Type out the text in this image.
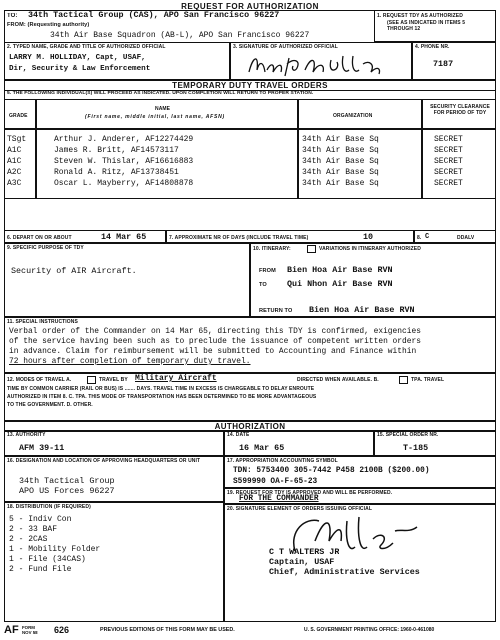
REQUEST FOR AUTHORIZATION
TO: 34th Tactical Group (CAS), APO San Francisco 96227
FROM: (Requesting authority)
34th Air Base Squadron (AB-L), APO San Francisco 96227
1. REQUEST TDY AS AUTHORIZED
(SEE AS INDICATED IN ITEMS 5 THROUGH 12
2. TYPED NAME, GRADE AND TITLE OF AUTHORIZED OFFICIAL
LARRY M. HOLLIDAY, Capt, USAF,
Dir, Security & Law Enforcement
3. SIGNATURE OF AUTHORIZED OFFICIAL	4. PHONE NR.
7187
TEMPORARY DUTY TRAVEL ORDERS
5. THE FOLLOWING INDIVIDUAL(S) WILL PROCEED AS INDICATED. UPON COMPLETION WILL RETURN TO PROPER STATION.
GRADE
NAME
(First name, middle initial, last name, AFSN)	ORGANIZATION
SECURITY CLEARANCE FOR PERIOD OF TDY
TSgt	Arthur J. Anderer, AF12274429	34th Air Base Sq	SECRET
A1C	James R. Britt, AF14573117	34th Air Base Sq	SECRET
A1C	Steven W. Thislar, AF16616883	34th Air Base Sq	SECRET
A2C	Ronald A. Ritz, AF13738451	34th Air Base Sq	SECRET
A3C	Oscar L. Mayberry, AF14808878	34th Air Base Sq	SECRET
6. DEPART ON OR ABOUT	14 Mar 65	7. APPROXIMATE NR OF DAYS (INCLUDE TRAVEL TIME)	10	8. C	DDALV
9. SPECIFIC PURPOSE OF TDY
Security of AIR Aircraft.
10. ITINERARY:	VARIATIONS IN ITINERARY AUTHORIZED
FROM Bien Hoa Air Base RVN
TO Qui Nhon Air Base RVN
RETURN TO Bien Hoa Air Base RVN
11. SPECIAL INSTRUCTIONS
Verbal order of the Commander on 14 Mar 65, directing this TDY is confirmed, exigencies
of the service having been such as to preclude the issuance of competent written orders
in advance. Claim for reimbursement will be submitted to Accounting and Finance within
72 hours after completion of temporary duty travel.
12. MODES OF TRAVEL A.	TRAVEL BY Military Aircraft	DIRECTED WHEN AVAILABLE. B.	TPA. TRAVEL
TIME BY COMMON CARRIER (RAIL OR BUS) IS ....... DAYS. TRAVEL TIME IN EXCESS IS CHARGEABLE TO DELAY ENROUTE
AUTHORIZED IN ITEM 8. C. TPA. THIS MODE OF TRANSPORTATION HAS BEEN DETERMINED TO BE MORE ADVANTAGEOUS
TO THE GOVERNMENT. D. OTHER.
AUTHORIZATION
13. AUTHORITY
AFM 39-11
14. DATE
16 Mar 65
15. SPECIAL ORDER NR.
T-185
16. DESIGNATION AND LOCATION OF APPROVING HEADQUARTERS OR UNIT
34th Tactical Group
APO US Forces 96227
17. APPROPRIATION ACCOUNTING SYMBOL
TDN: 5753400 305-7442 P458 2100B ($200.00)
S599990 OA-F-65-23
19. REQUEST FOR TDY IS APPROVED AND WILL BE PERFORMED.
FOR THE COMMANDER
18. DISTRIBUTION (IF REQUIRED)
5 - Indiv Con
2 - 33 BAF
2 - 2CAS
1 - Mobility Folder
1 - File (34CAS)
2 - Fund File
20. SIGNATURE ELEMENT OF ORDERS ISSUING OFFICIAL
C T WALTERS JR
Captain, USAF
Chief, Administrative Services
AF FORM
NOV 58 626	PREVIOUS EDITIONS OF THIS FORM MAY BE USED.	U. S. GOVERNMENT PRINTING OFFICE: 1960-0-461080
